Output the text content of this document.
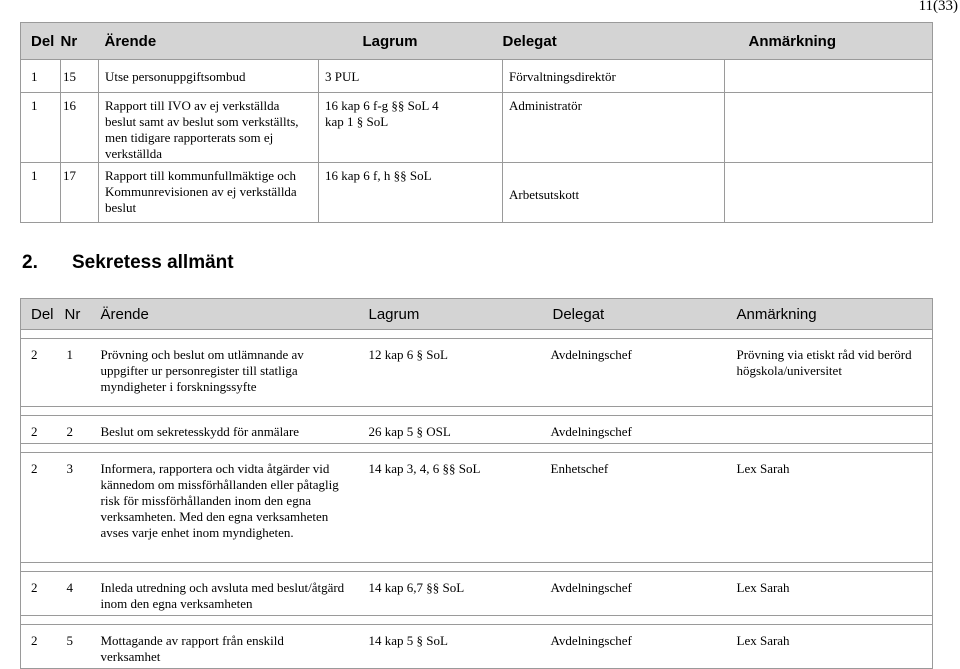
11(33)
Del	Nr	Ärende	Lagrum	Delegat	Anmärkning
1	15	Utse personuppgiftsombud	3 PUL	Förvaltningsdirektör	
1	16	Rapport till IVO av ej verkställda beslut samt av beslut som verkställts, men tidigare rapporterats som ej verkställda	16 kap 6 f-g §§ SoL 4 kap 1 § SoL	Administratör	
1	17	Rapport till kommunfullmäktige och Kommunrevisionen av ej verkställda beslut	16 kap 6 f, h §§ SoL	Arbetsutskott	
2. Sekretess allmänt
Del	Nr	Ärende	Lagrum	Delegat	Anmärkning

2	1	Prövning och beslut om utlämnande av uppgifter ur personregister till statliga myndigheter i forskningssyfte	12 kap 6 § SoL	Avdelningschef	Prövning via etiskt råd vid berörd högskola/universitet

2	2	Beslut om sekretesskydd för anmälare	26 kap 5 § OSL	Avdelningschef	

2	3	Informera, rapportera och vidta åtgärder vid kännedom om missförhållanden eller påtaglig risk för missförhållanden inom den egna verksamheten. Med den egna verksamheten avses varje enhet inom myndigheten.	14 kap 3, 4, 6 §§ SoL	Enhetschef	Lex Sarah

2	4	Inleda utredning och avsluta med beslut/åtgärd inom den egna verksamheten	14 kap 6,7 §§ SoL	Avdelningschef	Lex Sarah

2	5	Mottagande av rapport från enskild verksamhet	14 kap 5 § SoL	Avdelningschef	Lex Sarah
